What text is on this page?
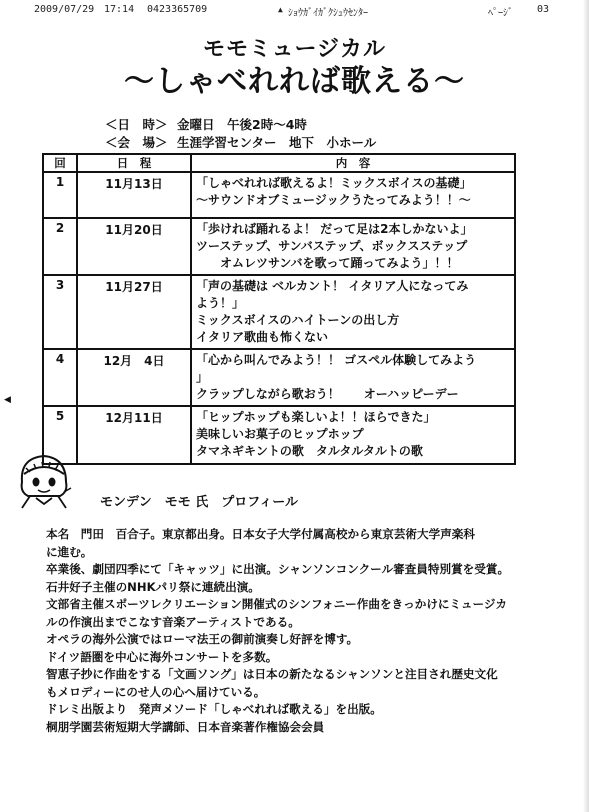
2009/07/29 17:14 0423365709	▲ ｼｮｳｶﾞｲｶﾞｸｼｭｳｾﾝﾀｰ	ﾍﾟｰｼﾞ 03
モモミュージカル
〜しゃべれれば歌える〜
＜日　時＞ 金曜日　午後2時〜4時
＜会　場＞ 生涯学習センター　地下　小ホール
回	日　程	内　容
1	11月13日	「しゃべれれば歌えるよ！ミックスボイスの基礎」
〜サウンドオブミュージックうたってみよう！！〜

2	11月20日	「歩ければ踊れるよ！ だって足は2本しかないよ」
ツーステップ、サンバステップ、ボックスステップ
　　オムレツサンバを歌って踊ってみよう」！！

3	11月27日	「声の基礎は ベルカント！ イタリア人になってみ
よう！」
ミックスボイスのハイトーンの出し方
イタリア歌曲も怖くない

4	12月　4日	「心から叫んでみよう！！ ゴスペル体験してみよう
」
クラップしながら歌おう！　　オーハッピーデー

5	12月11日	「ヒップホップも楽しいよ！！ほらできた」
美味しいお菓子のヒップホップ
タマネギキントの歌　タルタルタルトの歌
◀
モンデン　モモ 氏　プロフィール
本名　門田　百合子。東京都出身。日本女子大学付属高校から東京芸術大学声楽科
に進む。
卒業後、劇団四季にて「キャッツ」に出演。シャンソンコンクール審査員特別賞を受賞。
石井好子主催のNHKパリ祭に連続出演。
文部省主催スポーツレクリエーション開催式のシンフォニー作曲をきっかけにミュージカ
ルの作演出までこなす音楽アーティストである。
オペラの海外公演ではローマ法王の御前演奏し好評を博す。
ドイツ語圏を中心に海外コンサートを多数。
智恵子抄に作曲をする「文画ソング」は日本の新たなるシャンソンと注目され歴史文化
もメロディーにのせ人の心へ届けている。
ドレミ出版より　発声メソード「しゃべれれば歌える」を出版。
桐朋学園芸術短期大学講師、日本音楽著作権協会会員
